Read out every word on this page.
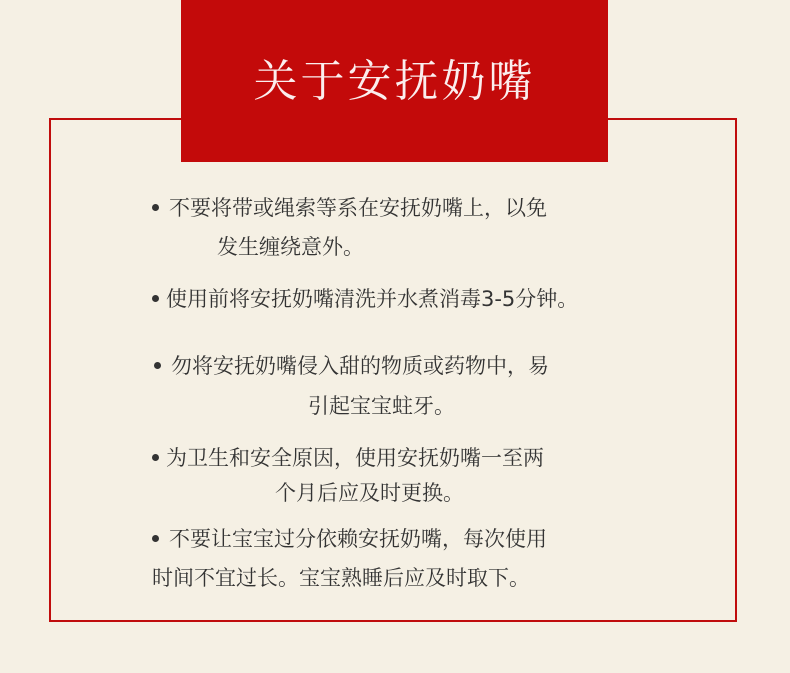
关于安抚奶嘴
不要将带或绳索等系在安抚奶嘴上，以免
发生缠绕意外。
使用前将安抚奶嘴清洗并水煮消毒3-5分钟。
勿将安抚奶嘴侵入甜的物质或药物中，易
引起宝宝蛀牙。
为卫生和安全原因，使用安抚奶嘴一至两
个月后应及时更换。
不要让宝宝过分依赖安抚奶嘴，每次使用
时间不宜过长。宝宝熟睡后应及时取下。
